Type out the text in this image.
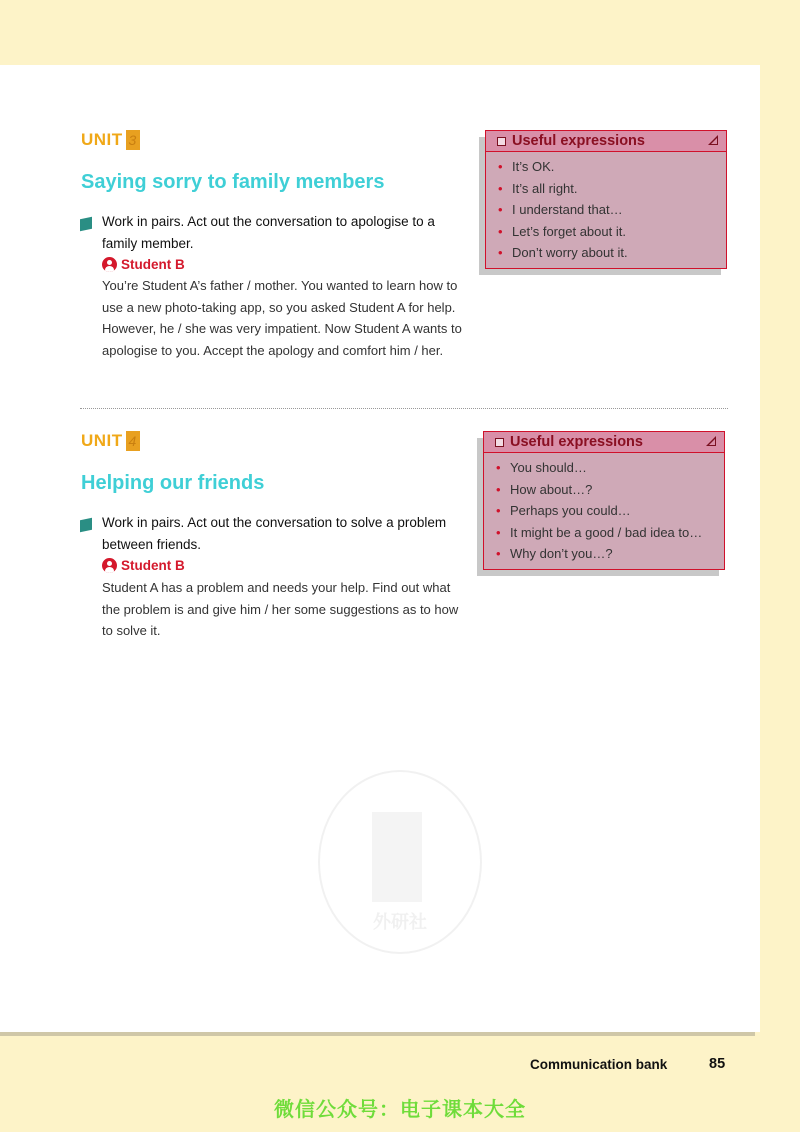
UNIT 3
Saying sorry to family members
Work in pairs. Act out the conversation to apologise to a family member.
Student B
You’re Student A’s father / mother. You wanted to learn how to use a new photo-taking app, so you asked Student A for help. However, he / she was very impatient. Now Student A wants to apologise to you. Accept the apology and comfort him / her.
Useful expressions
• It’s OK.
• It’s all right.
• I understand that…
• Let’s forget about it.
• Don’t worry about it.
UNIT 4
Helping our friends
Work in pairs. Act out the conversation to solve a problem between friends.
Student B
Student A has a problem and needs your help. Find out what the problem is and give him / her some suggestions as to how to solve it.
Useful expressions
• You should…
• How about…?
• Perhaps you could…
• It might be a good / bad idea to…
• Why don’t you…?
外研社
Communication bank	85
微信公众号：电子课本大全
